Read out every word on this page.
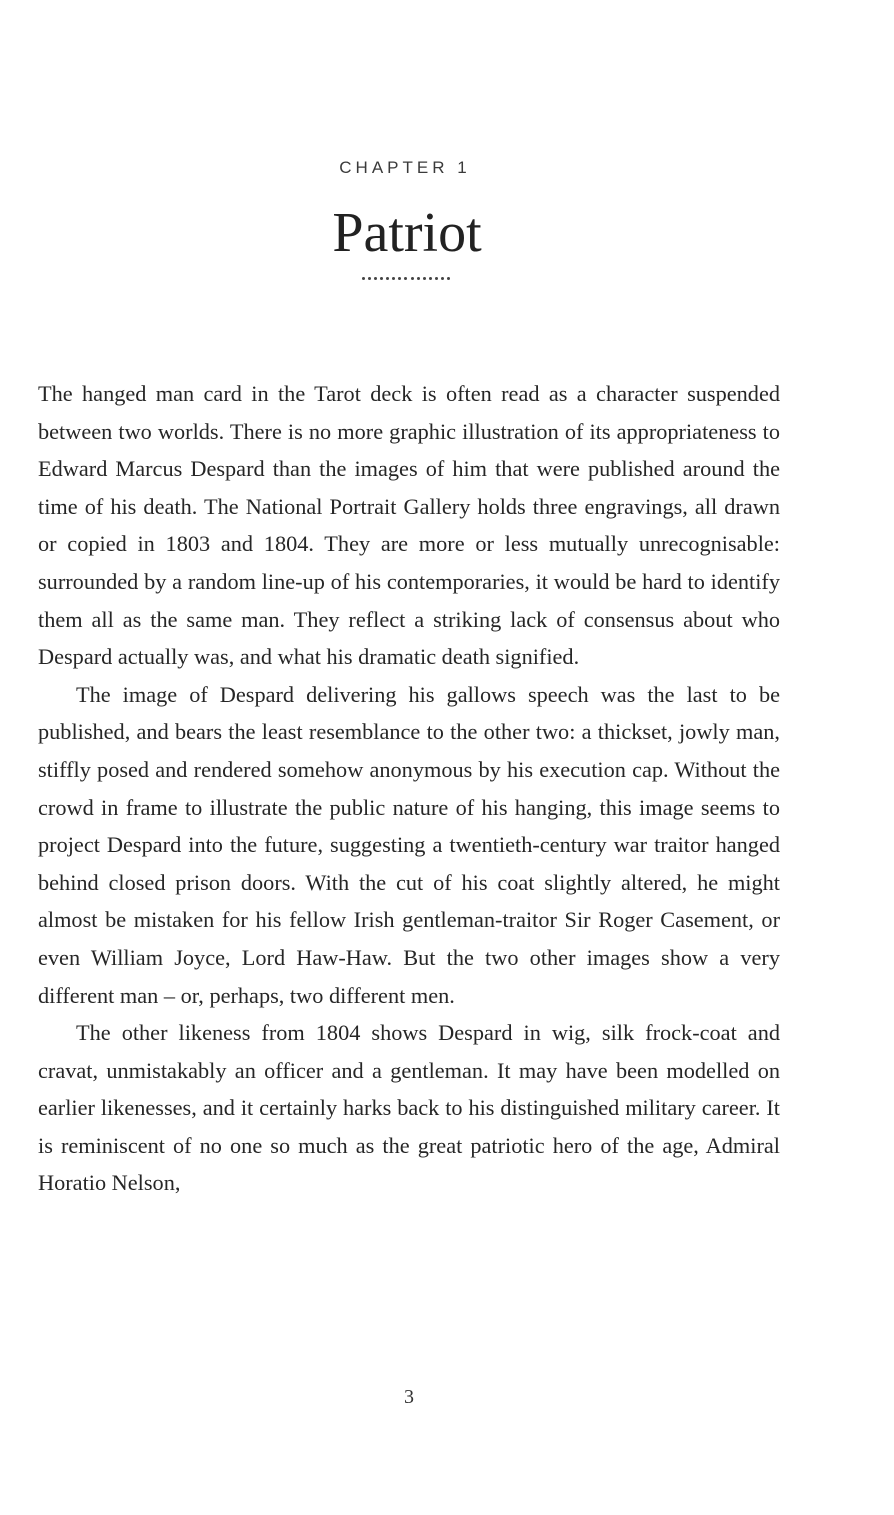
CHAPTER 1
Patriot

The hanged man card in the Tarot deck is often read as a character suspended between two worlds. There is no more graphic illustration of its appropriateness to Edward Marcus Despard than the images of him that were published around the time of his death. The National Portrait Gallery holds three engravings, all drawn or copied in 1803 and 1804. They are more or less mutually unrecognisable: surrounded by a random line-up of his contemporaries, it would be hard to identify them all as the same man. They reflect a striking lack of consensus about who Despard actually was, and what his dramatic death signified.

The image of Despard delivering his gallows speech was the last to be published, and bears the least resemblance to the other two: a thickset, jowly man, stiffly posed and rendered somehow anonymous by his execution cap. Without the crowd in frame to illustrate the public nature of his hanging, this image seems to project Despard into the future, suggesting a twentieth-century war traitor hanged behind closed prison doors. With the cut of his coat slightly altered, he might almost be mistaken for his fellow Irish gentleman-traitor Sir Roger Casement, or even William Joyce, Lord Haw-Haw. But the two other images show a very different man – or, perhaps, two different men.

The other likeness from 1804 shows Despard in wig, silk frock-coat and cravat, unmistakably an officer and a gentleman. It may have been modelled on earlier likenesses, and it certainly harks back to his distinguished military career. It is reminiscent of no one so much as the great patriotic hero of the age, Admiral Horatio Nelson,

3
